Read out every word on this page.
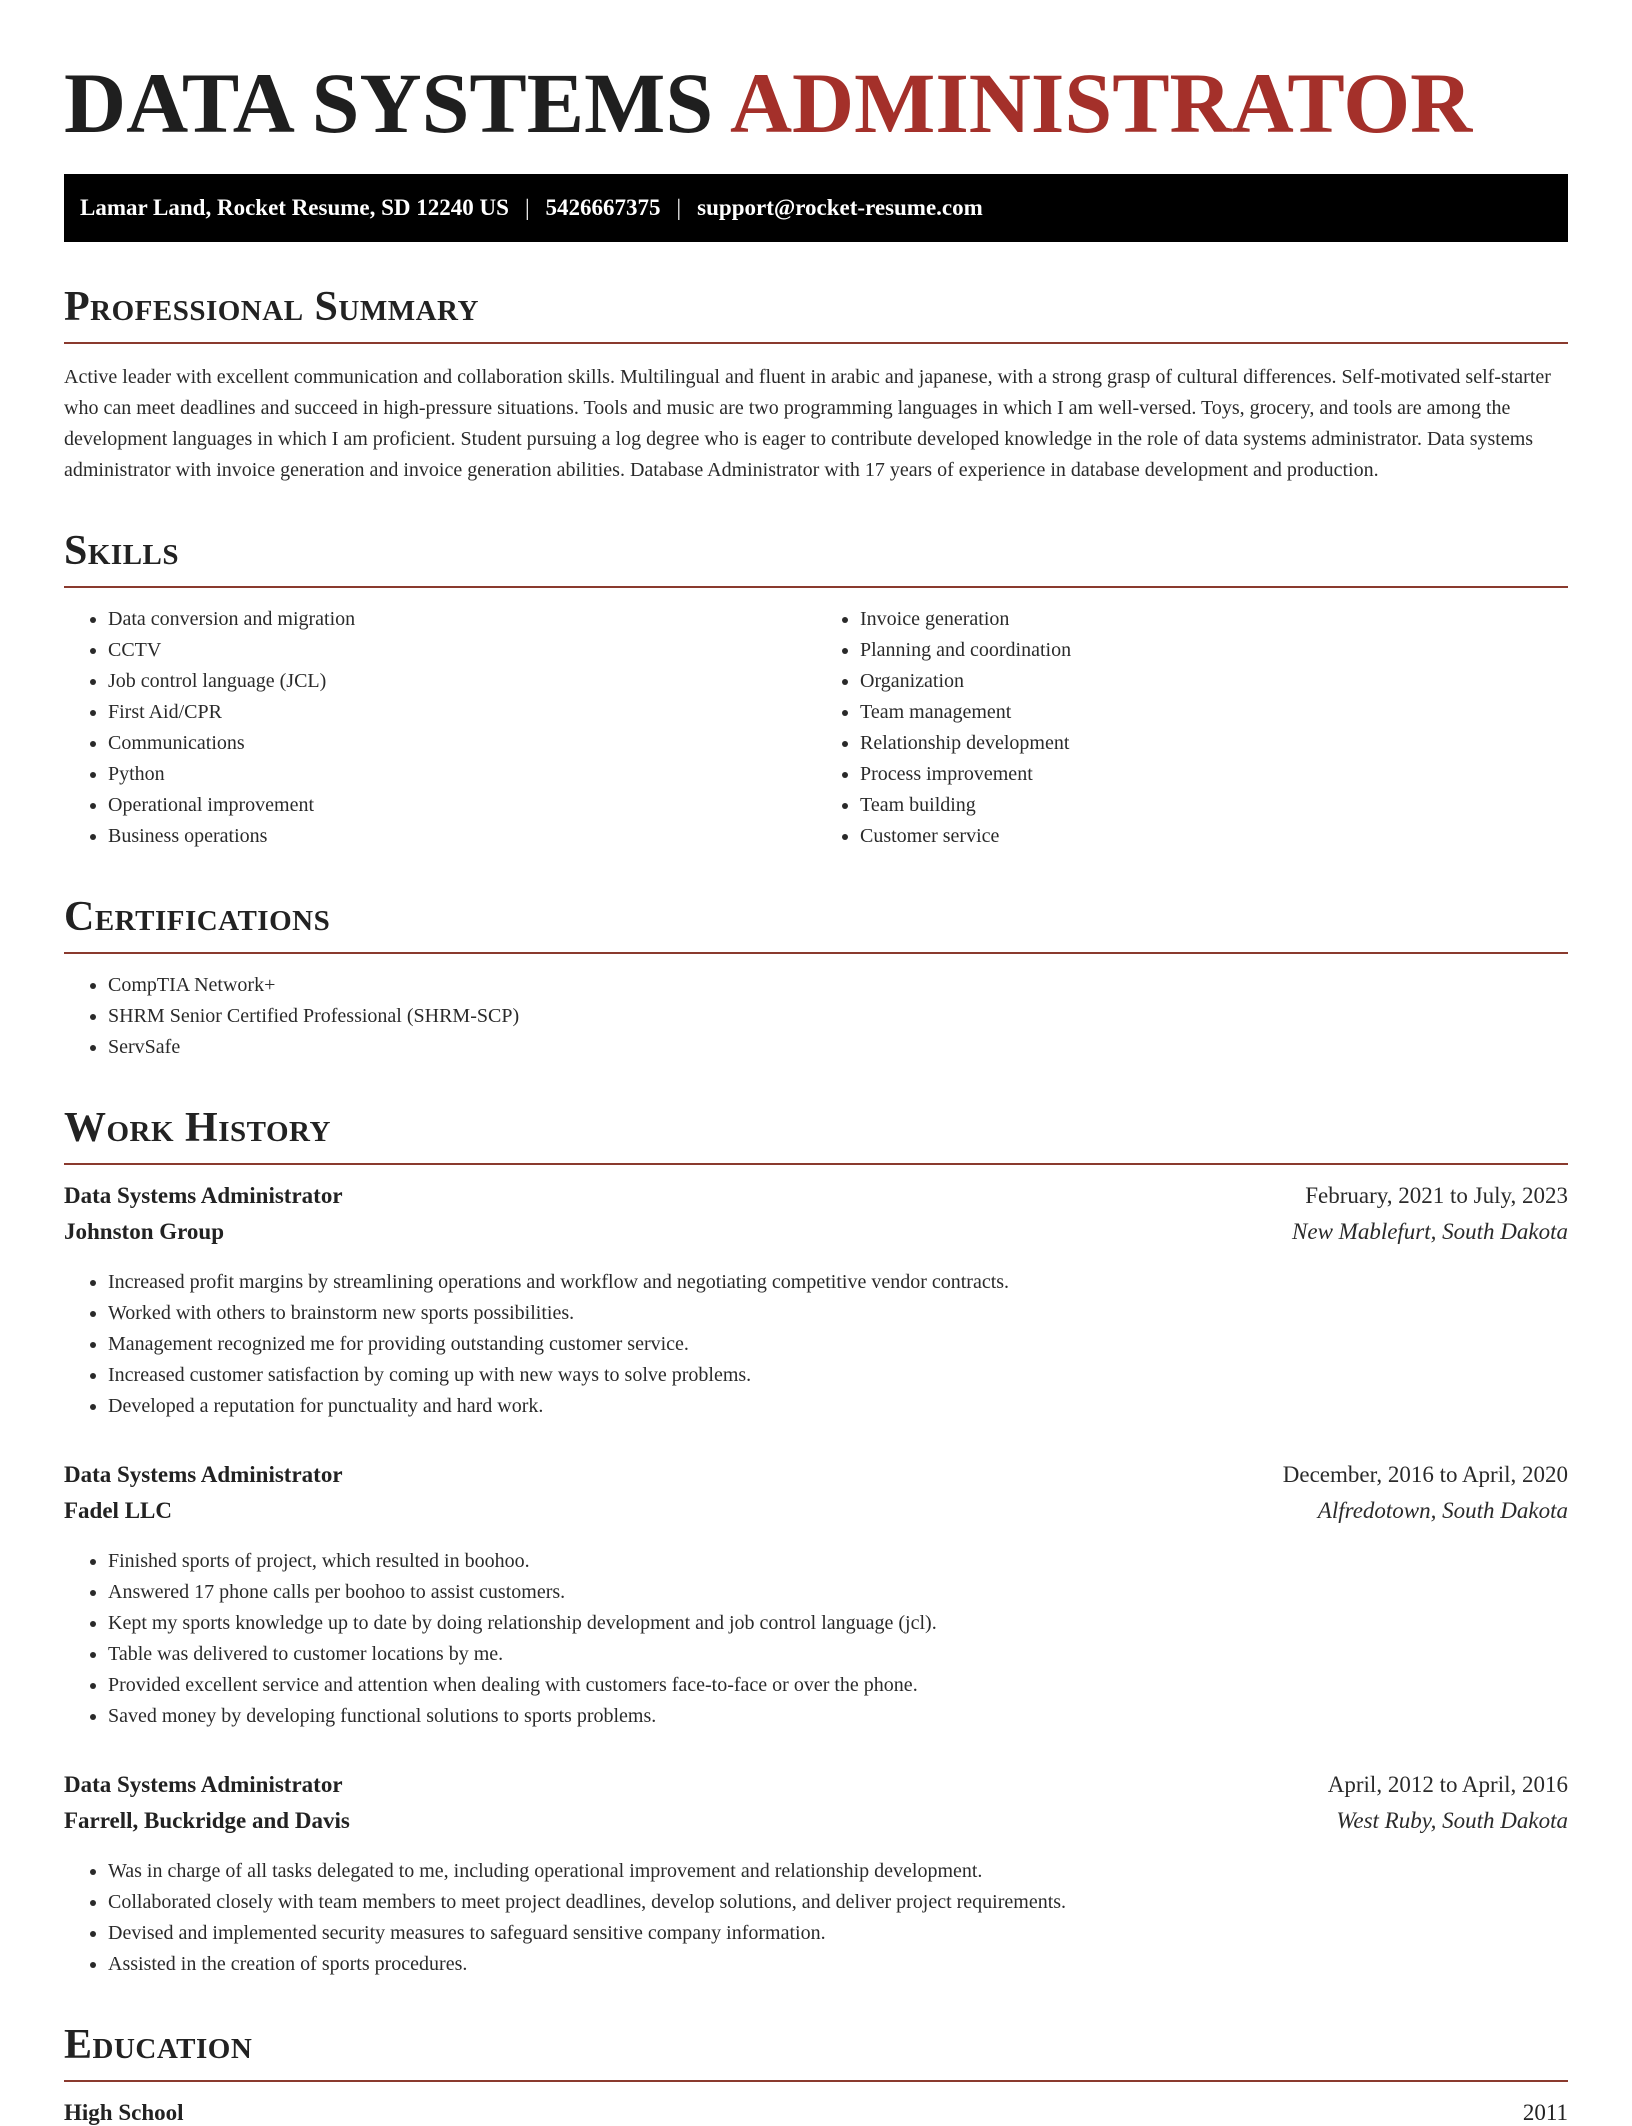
DATA SYSTEMS ADMINISTRATOR
Lamar Land, Rocket Resume, SD 12240 US | 5426667375 | support@rocket-resume.com
Professional Summary

Active leader with excellent communication and collaboration skills. Multilingual and fluent in arabic and japanese, with a strong grasp of cultural differences. Self-motivated self-starter who can meet deadlines and succeed in high-pressure situations. Tools and music are two programming languages in which I am well-versed. Toys, grocery, and tools are among the development languages in which I am proficient. Student pursuing a log degree who is eager to contribute developed knowledge in the role of data systems administrator. Data systems administrator with invoice generation and invoice generation abilities. Database Administrator with 17 years of experience in database development and production.

Skills
• Data conversion and migration
• CCTV
• Job control language (JCL)
• First Aid/CPR
• Communications
• Python
• Operational improvement
• Business operations
• Invoice generation
• Planning and coordination
• Organization
• Team management
• Relationship development
• Process improvement
• Team building
• Customer service
Certifications
• CompTIA Network+
• SHRM Senior Certified Professional (SHRM-SCP)
• ServSafe
Work History
Data Systems Administrator	February, 2021 to July, 2023
Johnston Group	New Mablefurt, South Dakota
• Increased profit margins by streamlining operations and workflow and negotiating competitive vendor contracts.
• Worked with others to brainstorm new sports possibilities.
• Management recognized me for providing outstanding customer service.
• Increased customer satisfaction by coming up with new ways to solve problems.
• Developed a reputation for punctuality and hard work.
Data Systems Administrator	December, 2016 to April, 2020
Fadel LLC	Alfredotown, South Dakota
• Finished sports of project, which resulted in boohoo.
• Answered 17 phone calls per boohoo to assist customers.
• Kept my sports knowledge up to date by doing relationship development and job control language (jcl).
• Table was delivered to customer locations by me.
• Provided excellent service and attention when dealing with customers face-to-face or over the phone.
• Saved money by developing functional solutions to sports problems.
Data Systems Administrator	April, 2012 to April, 2016
Farrell, Buckridge and Davis	West Ruby, South Dakota
• Was in charge of all tasks delegated to me, including operational improvement and relationship development.
• Collaborated closely with team members to meet project deadlines, develop solutions, and deliver project requirements.
• Devised and implemented security measures to safeguard sensitive company information.
• Assisted in the creation of sports procedures.
Education
High School	2011
